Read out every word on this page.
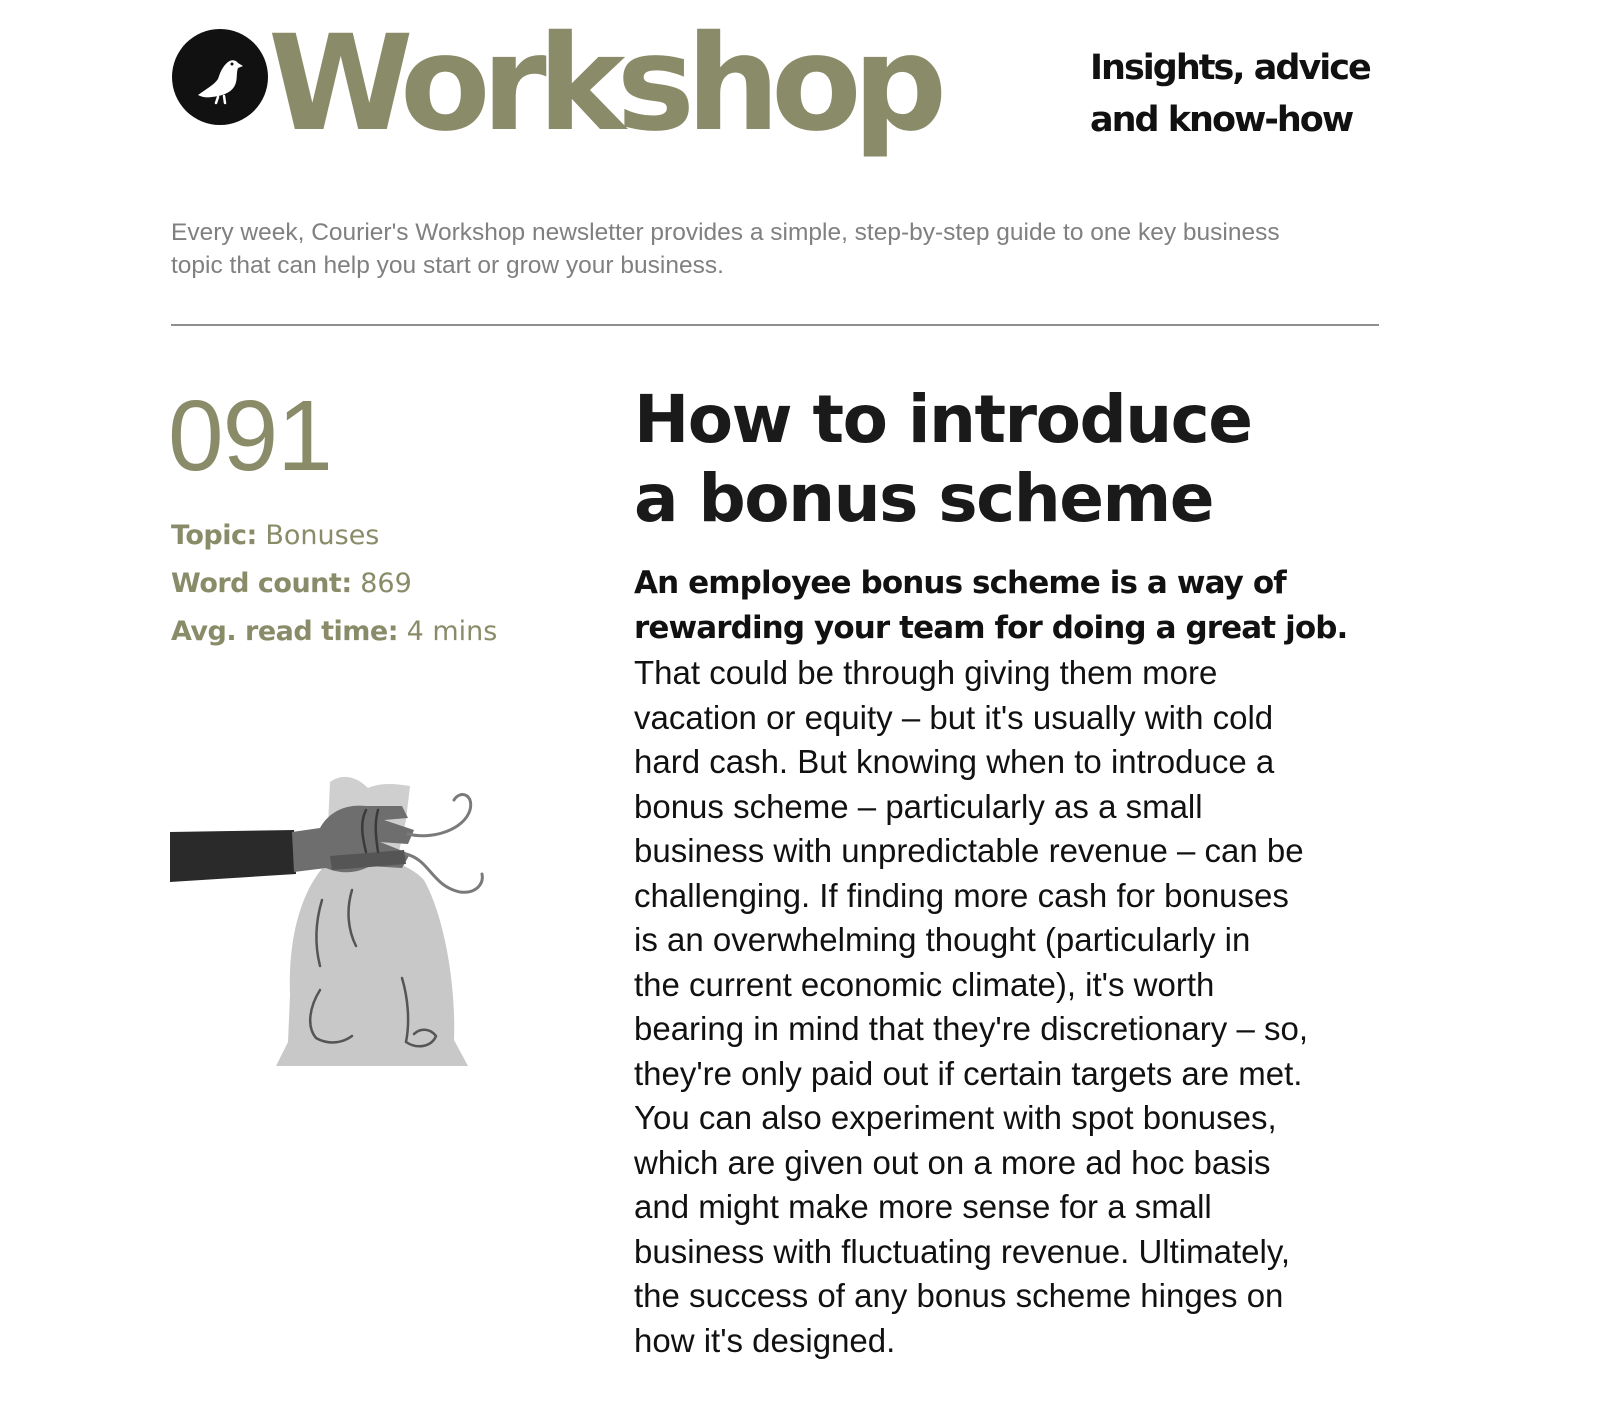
Workshop	Insights, advice
and know-how
Every week, Courier's Workshop newsletter provides a simple, step-by-step guide to one key business
topic that can help you start or grow your business.
091
Topic: Bonuses
Word count: 869
Avg. read time: 4 mins
How to introduce
a bonus scheme
An employee bonus scheme is a way of
rewarding your team for doing a great job.
That could be through giving them more
vacation or equity – but it's usually with cold
hard cash. But knowing when to introduce a
bonus scheme – particularly as a small
business with unpredictable revenue – can be
challenging. If finding more cash for bonuses
is an overwhelming thought (particularly in
the current economic climate), it's worth
bearing in mind that they're discretionary – so,
they're only paid out if certain targets are met.
You can also experiment with spot bonuses,
which are given out on a more ad hoc basis
and might make more sense for a small
business with fluctuating revenue. Ultimately,
the success of any bonus scheme hinges on
how it's designed.
